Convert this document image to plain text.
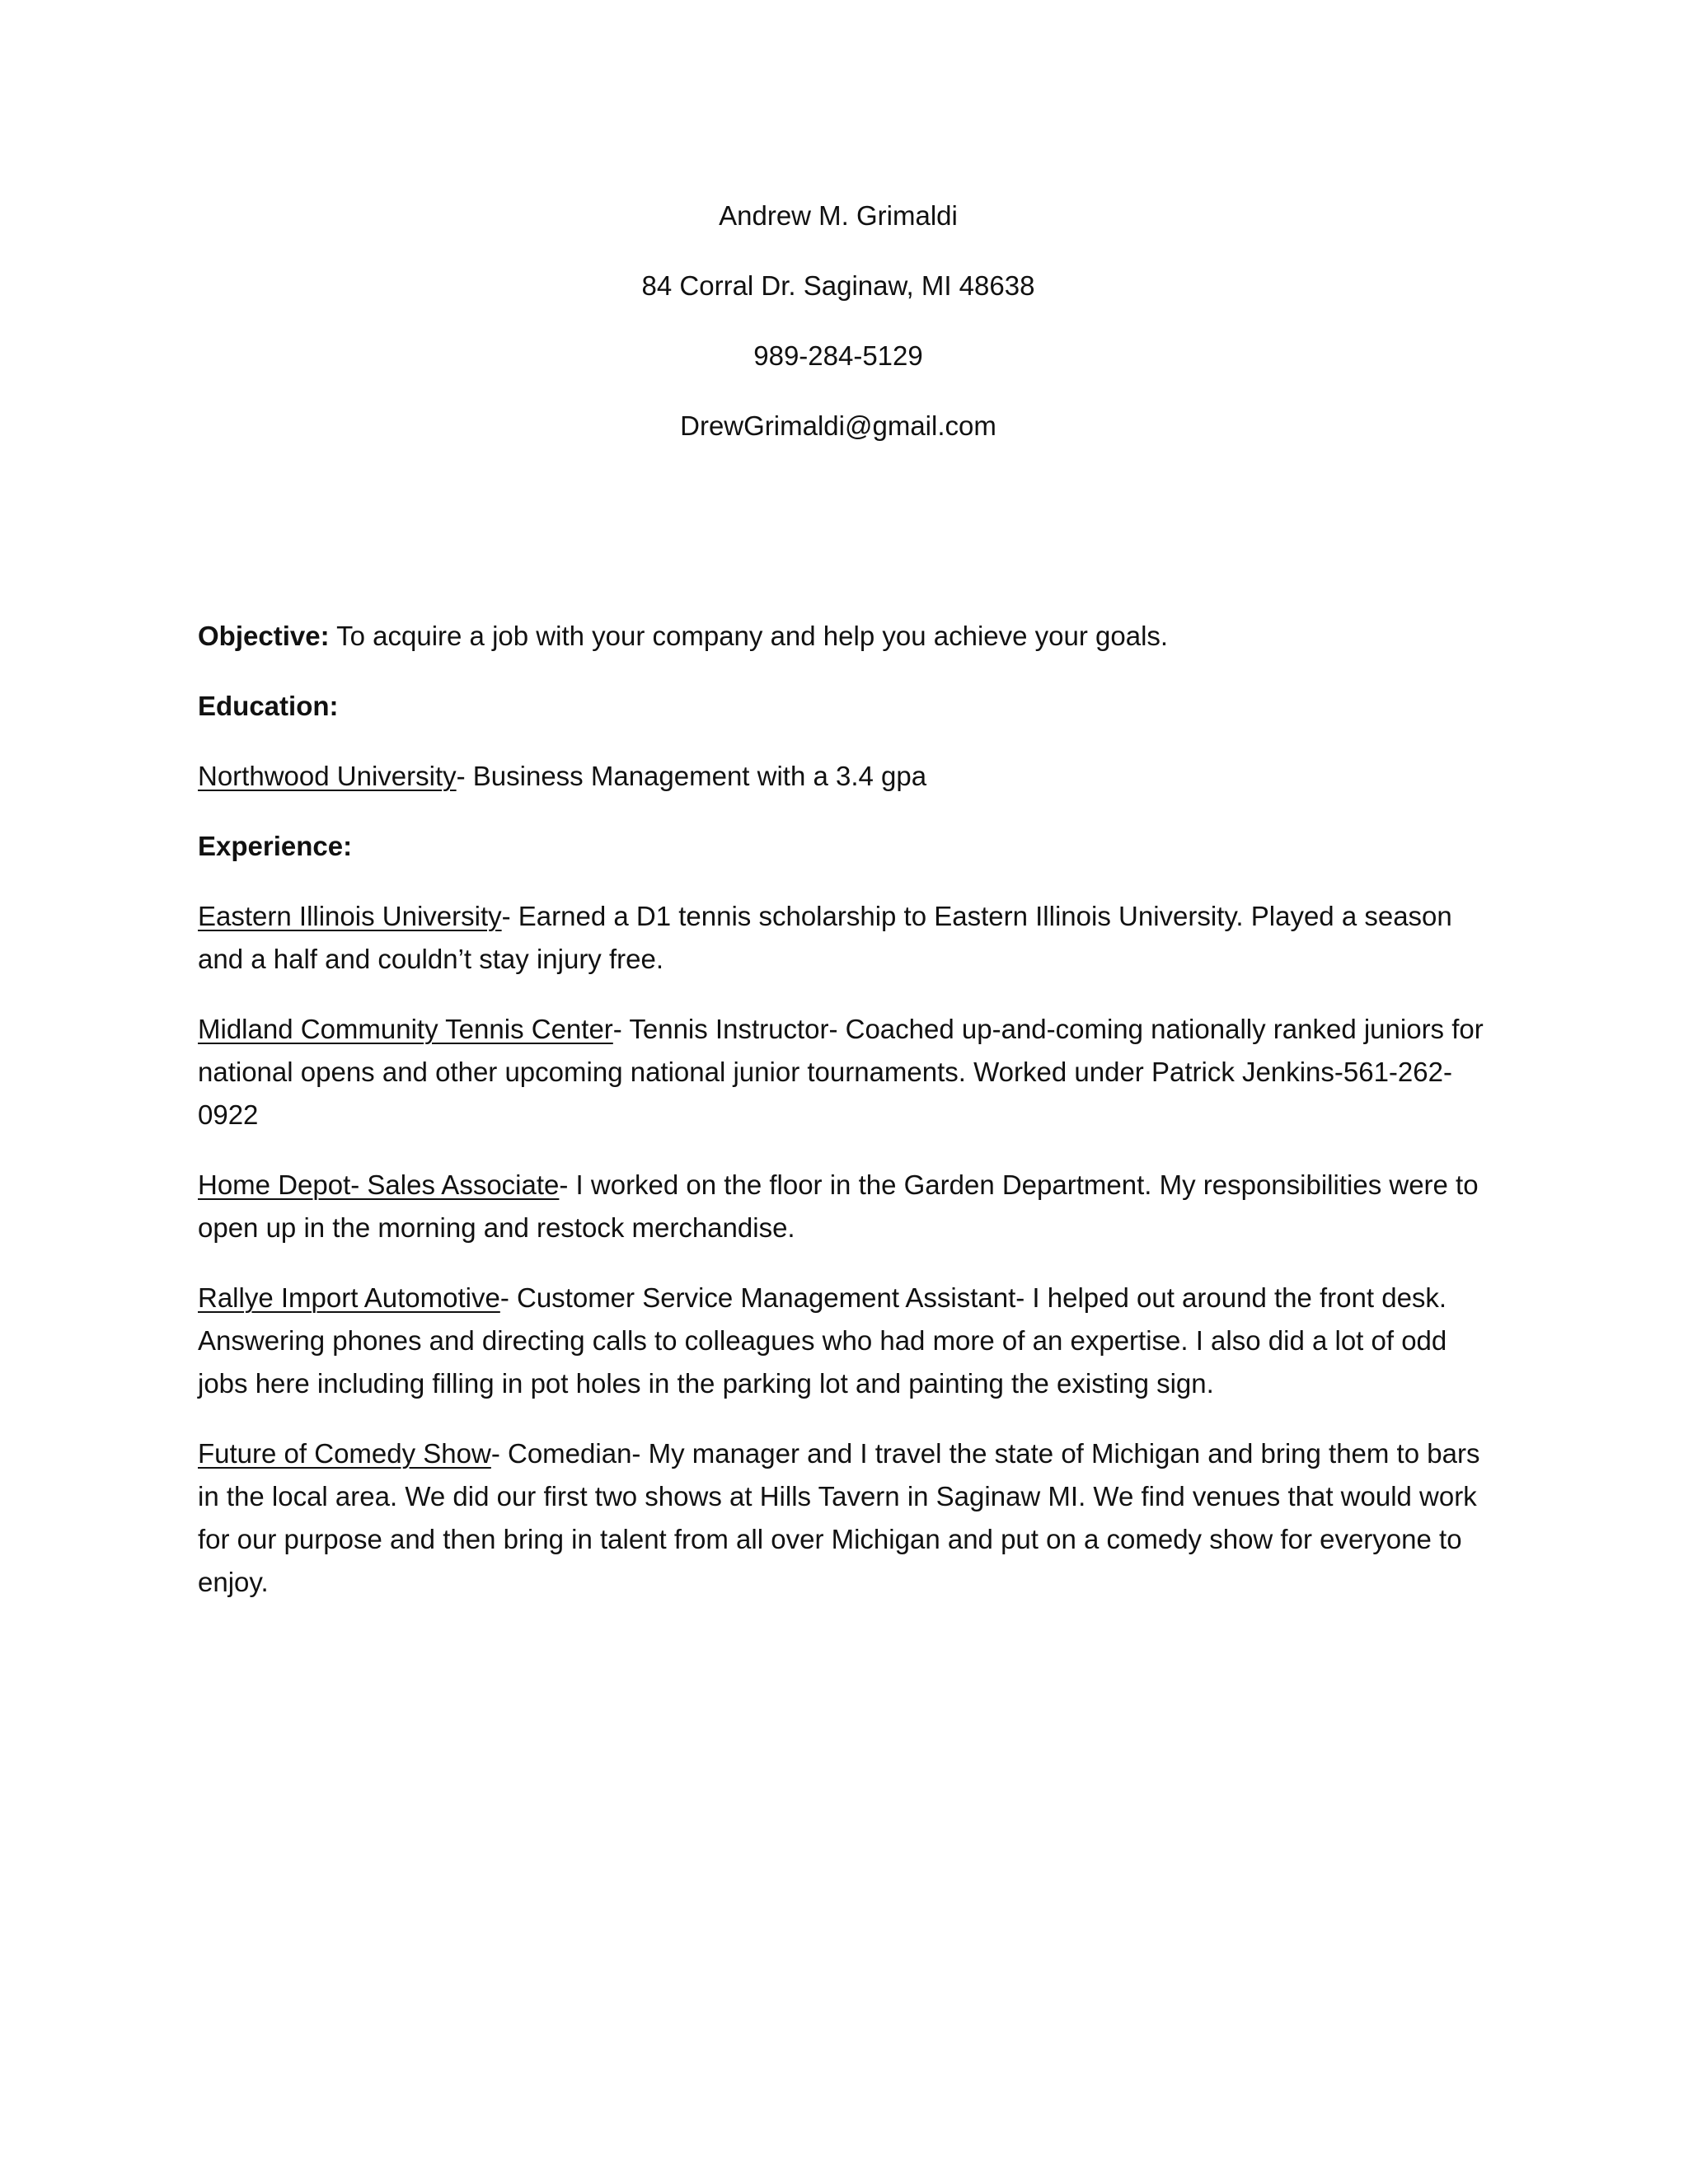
Andrew M. Grimaldi
84 Corral Dr. Saginaw, MI 48638
989-284-5129
DrewGrimaldi@gmail.com

Objective: To acquire a job with your company and help you achieve your goals.

Education:

Northwood University- Business Management with a 3.4 gpa

Experience:

Eastern Illinois University- Earned a D1 tennis scholarship to Eastern Illinois University. Played a season and a half and couldn’t stay injury free.

Midland Community Tennis Center- Tennis Instructor- Coached up-and-coming nationally ranked juniors for national opens and other upcoming national junior tournaments. Worked under Patrick Jenkins-561-262-0922

Home Depot- Sales Associate- I worked on the floor in the Garden Department. My responsibilities were to open up in the morning and restock merchandise.

Rallye Import Automotive- Customer Service Management Assistant- I helped out around the front desk. Answering phones and directing calls to colleagues who had more of an expertise. I also did a lot of odd jobs here including filling in pot holes in the parking lot and painting the existing sign.

Future of Comedy Show- Comedian- My manager and I travel the state of Michigan and bring them to bars in the local area. We did our first two shows at Hills Tavern in Saginaw MI. We find venues that would work for our purpose and then bring in talent from all over Michigan and put on a comedy show for everyone to enjoy.
